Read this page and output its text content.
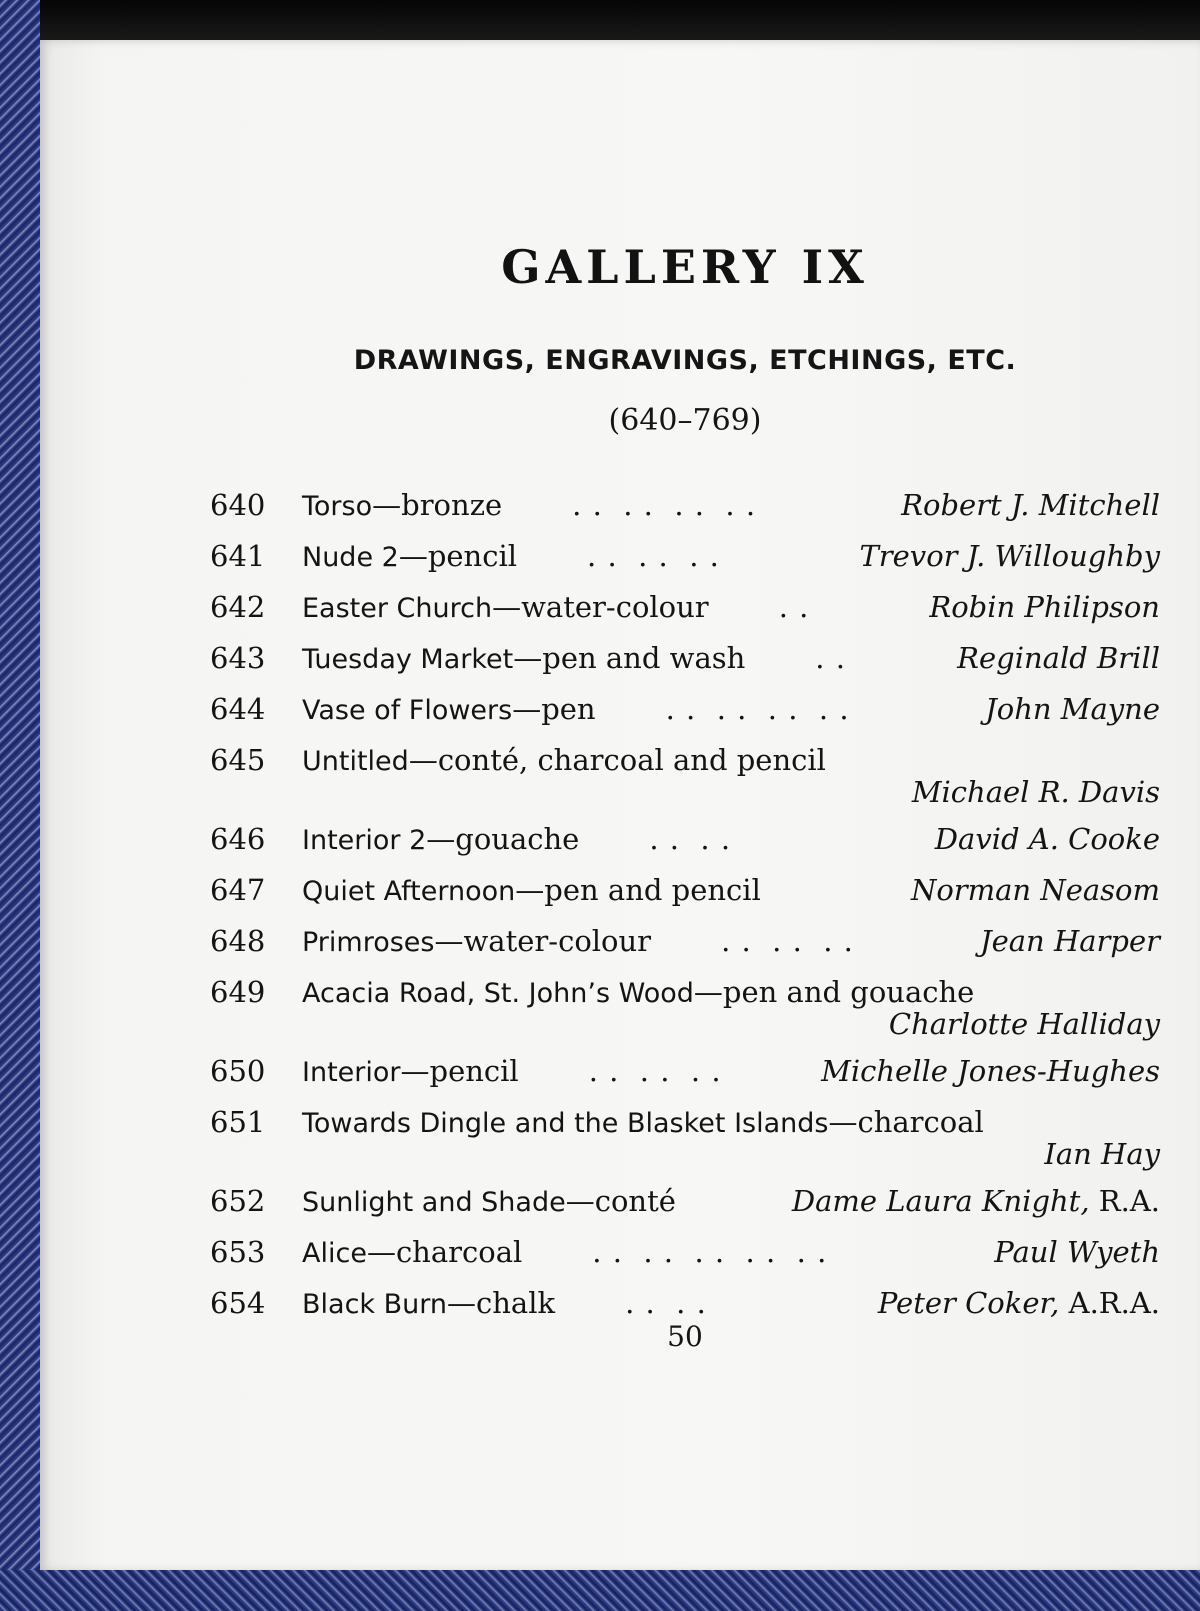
GALLERY IX
DRAWINGS, ENGRAVINGS, ETCHINGS, ETC.
(640–769)
640 Torso—bronze . .  . .  . .  . .	Robert J. Mitchell
641 Nude 2—pencil . .  . .  . .	Trevor J. Willoughby
642 Easter Church—water-colour . .	Robin Philipson
643 Tuesday Market—pen and wash . .	Reginald Brill
644 Vase of Flowers—pen . .  . .  . .  . .	John Mayne
645 Untitled—conté, charcoal and pencil
Michael R. Davis
646 Interior 2—gouache . .  . .	David A. Cooke
647 Quiet Afternoon—pen and pencil	Norman Neasom
648 Primroses—water-colour . .  . .  . .	Jean Harper
649 Acacia Road, St. John’s Wood—pen and gouache
Charlotte Halliday
650 Interior—pencil . .  . .  . .	Michelle Jones-Hughes
651 Towards Dingle and the Blasket Islands—charcoal
Ian Hay
652 Sunlight and Shade—conté	Dame Laura Knight, R.A.
653 Alice—charcoal . .  . .  . .  . .  . .	Paul Wyeth
654 Black Burn—chalk . .  . .	Peter Coker, A.R.A.
50
